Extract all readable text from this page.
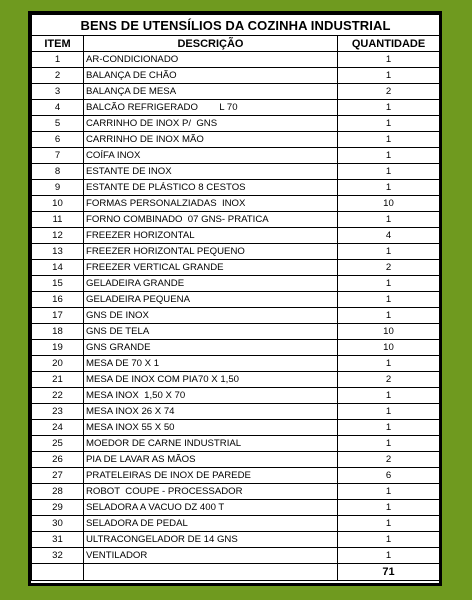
BENS DE UTENSÍLIOS DA COZINHA INDUSTRIAL		
ITEM	DESCRIÇÃO	QUANTIDADE
1	AR-CONDICIONADO	1
2	BALANÇA DE CHÃO	1
3	BALANÇA DE MESA	2
4	BALCÃO REFRIGERADO        L 70	1
5	CARRINHO DE INOX P/  GNS	1
6	CARRINHO DE INOX MÃO	1
7	COÍFA INOX	1
8	ESTANTE DE INOX	1
9	ESTANTE DE PLÁSTICO 8 CESTOS	1
10	FORMAS PERSONALZIADAS  INOX	10
11	FORNO COMBINADO  07 GNS- PRATICA	1
12	FREEZER HORIZONTAL	4
13	FREEZER HORIZONTAL PEQUENO	1
14	FREEZER VERTICAL GRANDE	2
15	GELADEIRA GRANDE	1
16	GELADEIRA PEQUENA	1
17	GNS DE INOX	1
18	GNS DE TELA	10
19	GNS GRANDE	10
20	MESA DE 70 X 1	1
21	MESA DE INOX COM PIA70 X 1,50	2
22	MESA INOX  1,50 X 70	1
23	MESA INOX 26 X 74	1
24	MESA INOX 55 X 50	1
25	MOEDOR DE CARNE INDUSTRIAL	1
26	PIA DE LAVAR AS MÃOS	2
27	PRATELEIRAS DE INOX DE PAREDE	6
28	ROBOT  COUPE - PROCESSADOR	1
29	SELADORA A VACUO DZ 400 T	1
30	SELADORA DE PEDAL	1
31	ULTRACONGELADOR DE 14 GNS	1
32	VENTILADOR	1
		71
